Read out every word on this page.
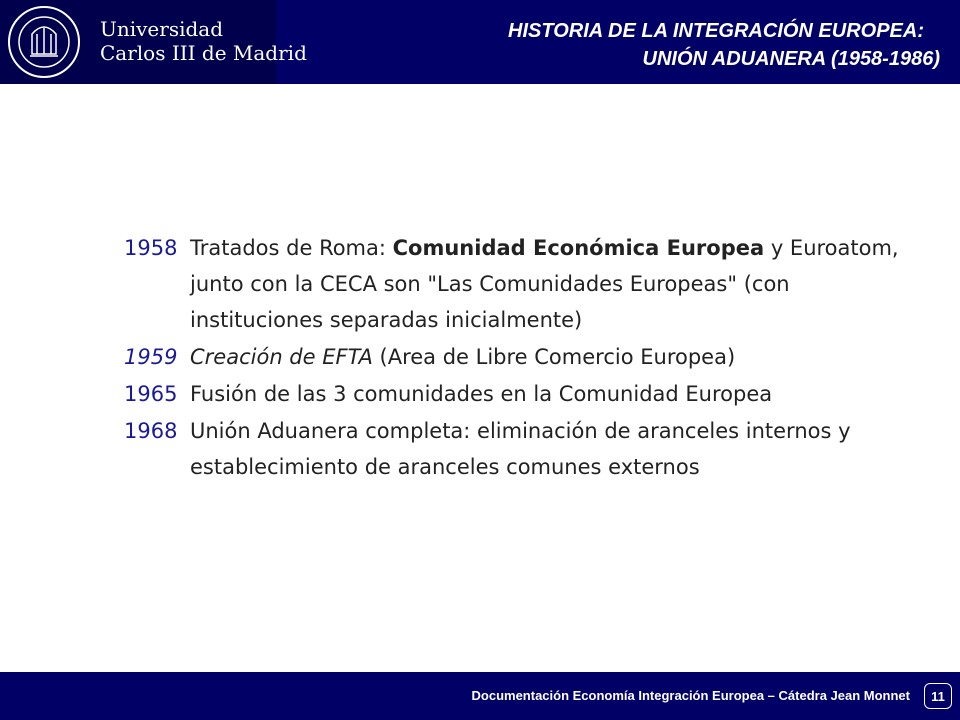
Universidad
Carlos III de Madrid
HISTORIA DE LA INTEGRACIÓN EUROPEA:
UNIÓN ADUANERA (1958-1986)
1958 Tratados de Roma: Comunidad Económica Europea y Euroatom, junto con la CECA son "Las Comunidades Europeas" (con instituciones separadas inicialmente)
1959 Creación de EFTA (Area de Libre Comercio Europea)
1965 Fusión de las 3 comunidades en la Comunidad Europea
1968 Unión Aduanera completa: eliminación de aranceles internos y establecimiento de aranceles comunes externos
Documentación Economía Integración Europea – Cátedra Jean Monnet	11
